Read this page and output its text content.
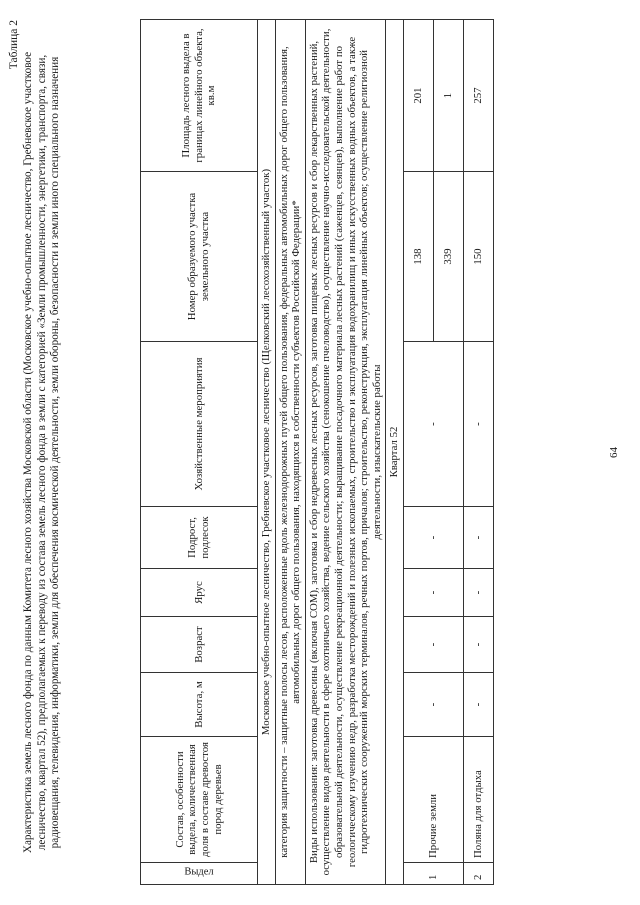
64
Таблица 2
Характеристика земель лесного фонда по данным Комитета лесного хозяйства Московской области (Московское учебно-опытное лесничество, Гребневское участковое лесничество, квартал 52), предполагаемых к переводу из состава земель лесного фонда в земли с категорией «Земли промышленности, энергетики, транспорта, связи, радиовещания, телевидения, информатики, земли для обеспечения космической деятельности, земли обороны, безопасности и земли иного специального назначения
Выдел	Состав, особенности выдела, количественная доля в составе древостоя пород деревьев	Высота, м	Возраст	Ярус	Подрост, подлесок	Хозяйственные мероприятия	Номер образуемого участка земельного участка	Площадь лесного выдела в границах линейного объекта, кв.м
Московское учебно-опытное лесничество, Гребневское участковое лесничество (Щелковский лесохозяйственный участок)								
категория защитности – защитные полосы лесов, расположенные вдоль железнодорожных путей общего пользования, федеральных автомобильных дорог общего пользования, автомобильных дорог общего пользования, находящихся в собственности субъектов Российской Федерации*								
Виды использования: заготовка древесины (включая СОМ), заготовка и сбор недревесных лесных ресурсов, заготовка пищевых лесных ресурсов и сбор лекарственных растений, осуществление видов деятельности в сфере охотничьего хозяйства, ведение сельского хозяйства (сенокошение пчеловодство), осуществление научно-исследовательской деятельности, образовательной деятельности, осуществление рекреационной деятельности; выращивание посадочного материала лесных растений (саженцев, сеянцев), выполнение работ по геологическому изучению недр, разработка месторождений и полезных ископаемых, строительство и эксплуатация водохранилищ и иных искусственных водных объектов, а также гидротехнических сооружений морских терминалов, речных портов, причалов; строительство, реконструкция, эксплуатация линейных объектов; осуществление религиозной деятельности, изыскательские работы								
Квартал 52								
1	Прочие земли	-	-	-	-	-	138	201
							339	1
2	Поляна для отдыха	-	-	-	-	-	150	257
